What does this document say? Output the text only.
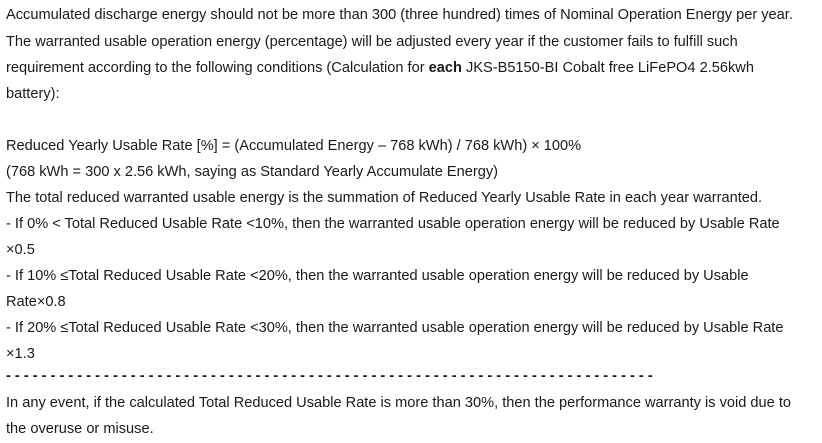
Accumulated discharge energy should not be more than 300 (three hundred) times of Nominal Operation Energy per year.
The warranted usable operation energy (percentage) will be adjusted every year if the customer fails to fulfill such
requirement according to the following conditions (Calculation for each JKS-B5150-BI Cobalt free LiFePO4 2.56kwh
battery):
Reduced Yearly Usable Rate [%] = (Accumulated Energy – 768 kWh) / 768 kWh) × 100%
(768 kWh = 300 x 2.56 kWh, saying as Standard Yearly Accumulate Energy)
The total reduced warranted usable energy is the summation of Reduced Yearly Usable Rate in each year warranted.
- If 0% < Total Reduced Usable Rate <10%, then the warranted usable operation energy will be reduced by Usable Rate
×0.5
- If 10% ≤Total Reduced Usable Rate <20%, then the warranted usable operation energy will be reduced by Usable
Rate×0.8
- If 20% ≤Total Reduced Usable Rate <30%, then the warranted usable operation energy will be reduced by Usable Rate
×1.3
- - - - - - - - - - - - - - - - - - - - - - - - - - - - - - - - - - - - - - - - - - - - - - - - - - - - - - - - - - - - - - - - - - - - - - - - -
In any event, if the calculated Total Reduced Usable Rate is more than 30%, then the performance warranty is void due to
the overuse or misuse.
